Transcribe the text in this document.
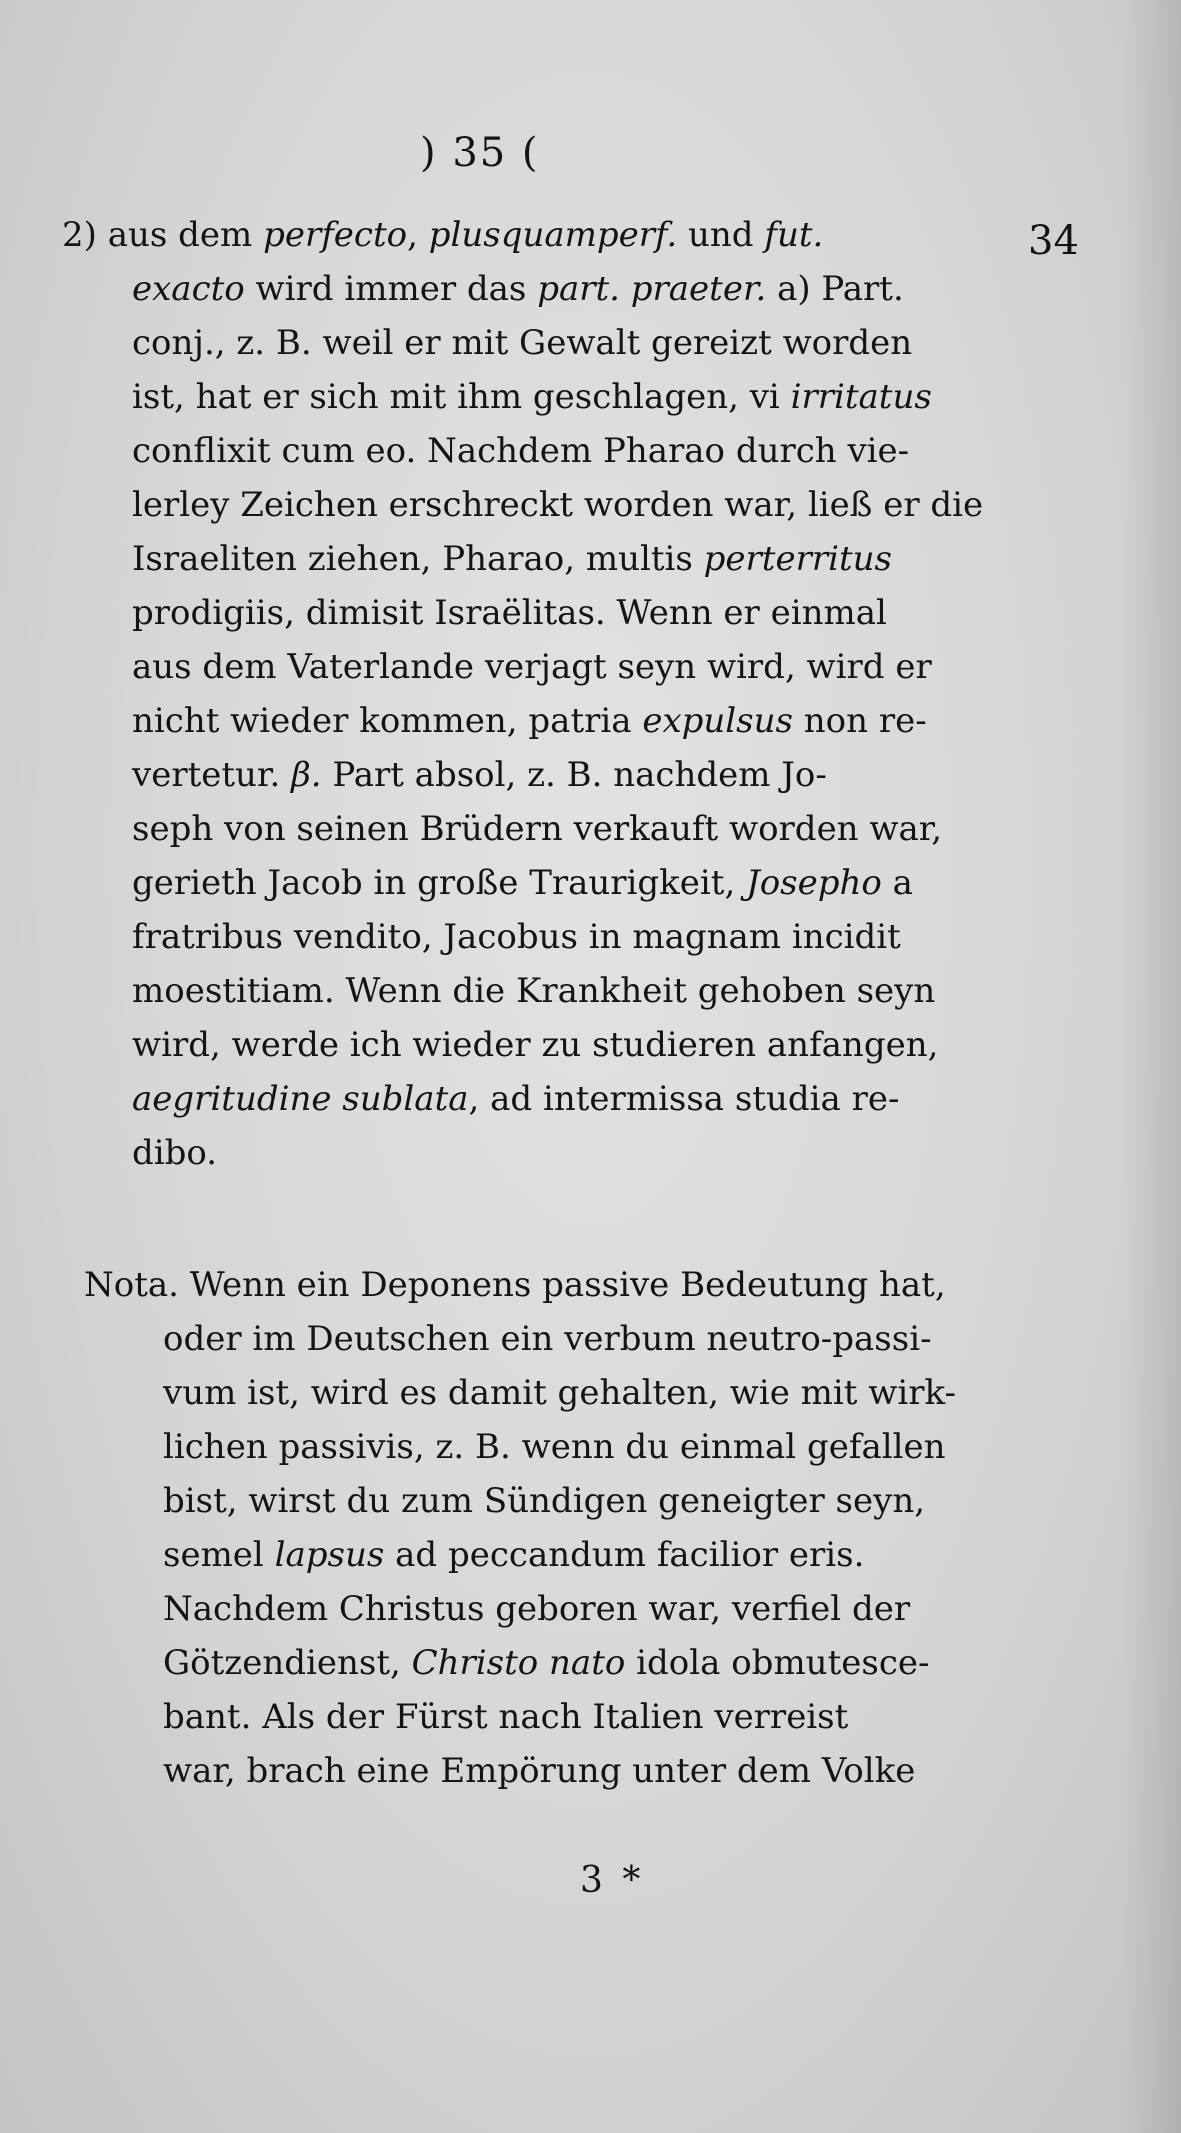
) 35 (
34
2) aus dem perfecto, plusquamperf. und fut.
exacto wird immer das part. praeter. a) Part.
conj., z. B. weil er mit Gewalt gereizt worden
ist, hat er sich mit ihm geschlagen, vi irritatus
conflixit cum eo. Nachdem Pharao durch vie-
lerley Zeichen erschreckt worden war, ließ er die
Israeliten ziehen, Pharao, multis perterritus
prodigiis, dimisit Israëlitas. Wenn er einmal
aus dem Vaterlande verjagt seyn wird, wird er
nicht wieder kommen, patria expulsus non re-
vertetur. β. Part absol, z. B. nachdem Jo-
seph von seinen Brüdern verkauft worden war,
gerieth Jacob in große Traurigkeit, Josepho a
fratribus vendito, Jacobus in magnam incidit
moestitiam. Wenn die Krankheit gehoben seyn
wird, werde ich wieder zu studieren anfangen,
aegritudine sublata, ad intermissa studia re-
dibo.
Nota. Wenn ein Deponens passive Bedeutung hat,
oder im Deutschen ein verbum neutro-passi-
vum ist, wird es damit gehalten, wie mit wirk-
lichen passivis, z. B. wenn du einmal gefallen
bist, wirst du zum Sündigen geneigter seyn,
semel lapsus ad peccandum facilior eris.
Nachdem Christus geboren war, verfiel der
Götzendienst, Christo nato idola obmutesce-
bant. Als der Fürst nach Italien verreist
war, brach eine Empörung unter dem Volke
3 *
